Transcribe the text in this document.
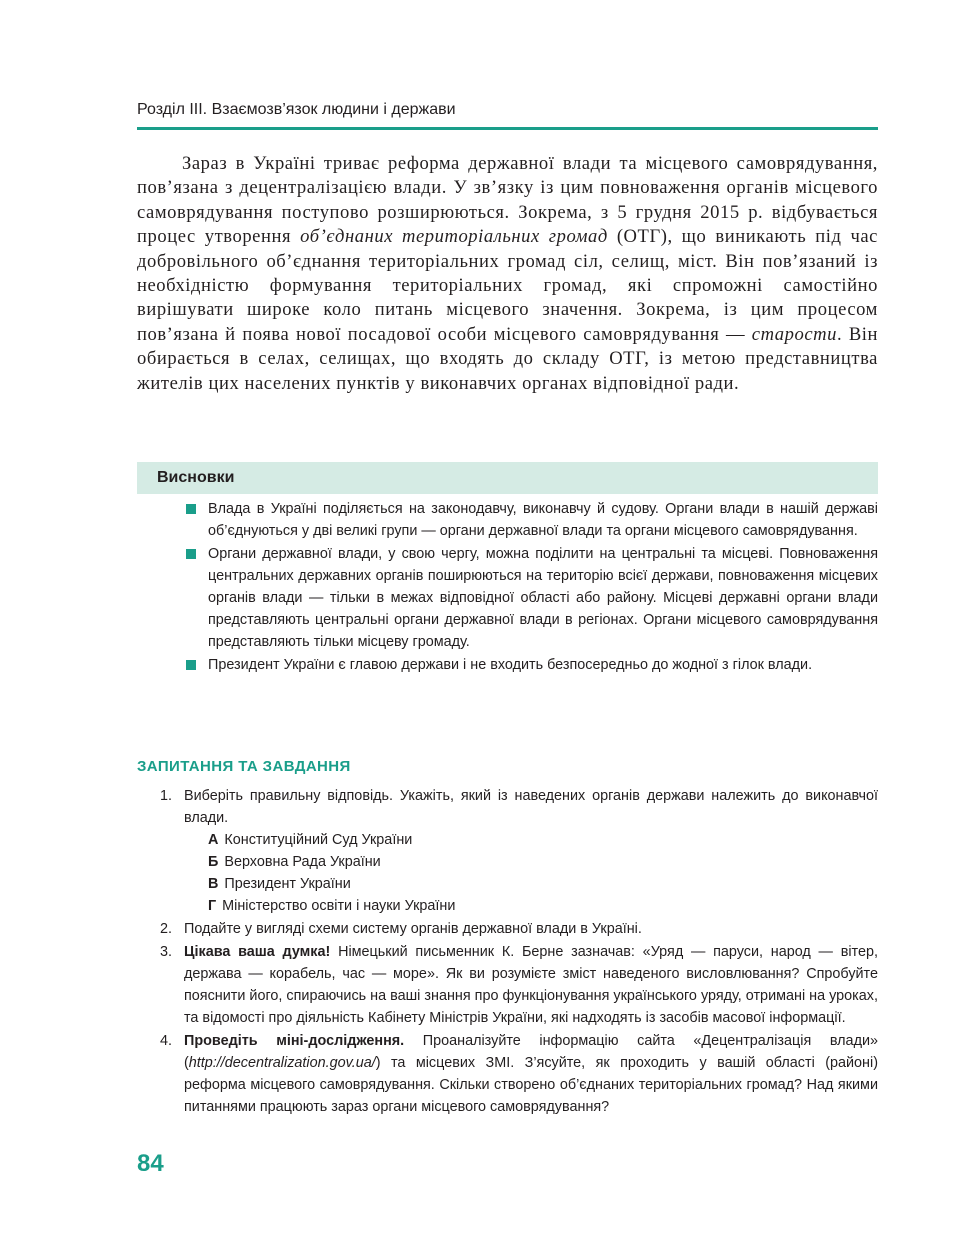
Розділ III. Взаємозв’язок людини і держави

Зараз в Україні триває реформа державної влади та місцевого самоврядування, пов’язана з децентралізацією влади. У зв’язку із цим повноваження органів місцевого самоврядування поступово розширюються. Зокрема, з 5 грудня 2015 р. відбувається процес утворення об’єднаних територіальних громад (ОТГ), що виникають під час добровільного об’єднання територіальних громад сіл, селищ, міст. Він пов’язаний із необхідністю формування територіальних громад, які спроможні самостійно вирішувати широке коло питань місцевого значення. Зокрема, із цим процесом пов’язана й поява нової посадової особи місцевого самоврядування — старости. Він обирається в селах, селищах, що входять до складу ОТГ, із метою представництва жителів цих населених пунктів у виконавчих органах відповідної ради.

Висновки
Влада в Україні поділяється на законодавчу, виконавчу й судову. Органи влади в нашій державі об’єднуються у дві великі групи — органи державної влади та органи місцевого самоврядування.
Органи державної влади, у свою чергу, можна поділити на центральні та місцеві. Повноваження центральних державних органів поширюються на територію всієї держави, повноваження місцевих органів влади — тільки в межах відповідної області або району. Місцеві державні органи влади представляють центральні органи державної влади в регіонах. Органи місцевого самоврядування представляють тільки місцеву громаду.
Президент України є главою держави і не входить безпосередньо до жодної з гілок влади.
ЗАПИТАННЯ ТА ЗАВДАННЯ
1. Виберіть правильну відповідь. Укажіть, який із наведених органів держави належить до виконавчої влади.
А Конституційний Суд України
Б Верховна Рада України
В Президент України
Г Міністерство освіти і науки України
2. Подайте у вигляді схеми систему органів державної влади в Україні.
3. Цікава ваша думка! Німецький письменник К. Берне зазначав: «Уряд — паруси, народ — вітер, держава — корабель, час — море». Як ви розумієте зміст наведеного висловлювання? Спробуйте пояснити його, спираючись на ваші знання про функціонування українського уряду, отримані на уроках, та відомості про діяльність Кабінету Міністрів України, які надходять із засобів масової інформації.
4. Проведіть міні-дослідження. Проаналізуйте інформацію сайта «Децентралізація влади» (http://decentralization.gov.ua/) та місцевих ЗМІ. З’ясуйте, як проходить у вашій області (районі) реформа місцевого самоврядування. Скільки створено об’єднаних територіальних громад? Над якими питаннями працюють зараз органи місцевого самоврядування?
84
